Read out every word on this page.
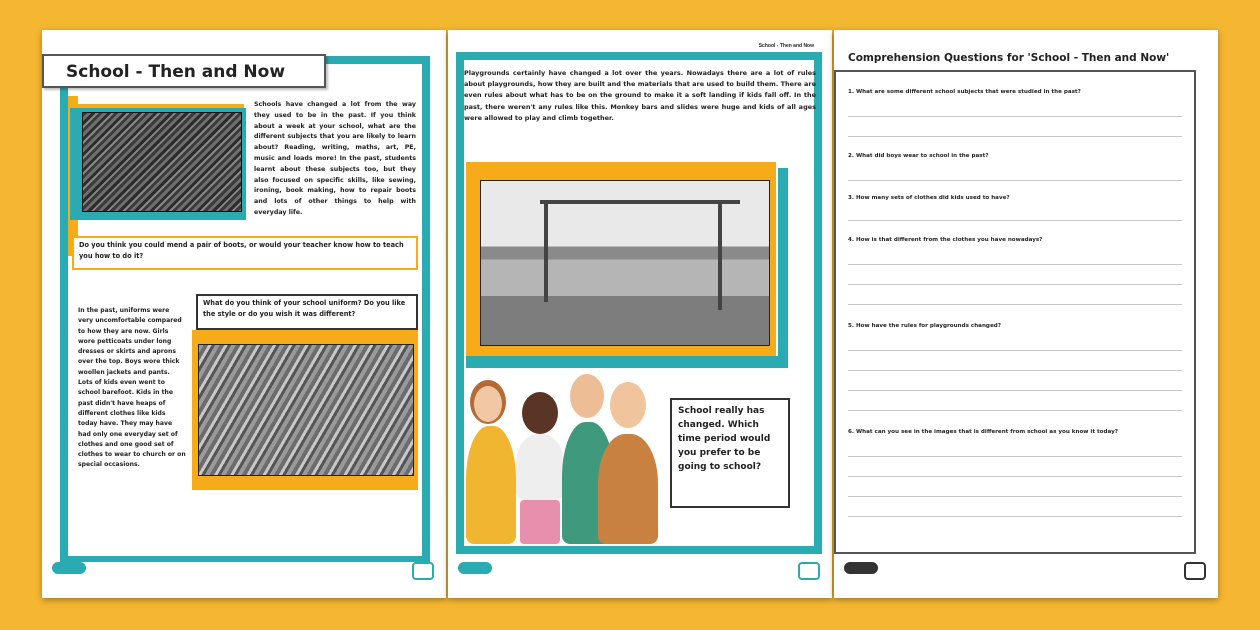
School - Then and Now
Schools have changed a lot from the way they used to be in the past. If you think about a week at your school, what are the different subjects that you are likely to learn about? Reading, writing, maths, art, PE, music and loads more! In the past, students learnt about these subjects too, but they also focused on specific skills, like sewing, ironing, book making, how to repair boots and lots of other things to help with everyday life.
Do you think you could mend a pair of boots, or would your teacher know how to teach you how to do it?
In the past, uniforms were very uncomfortable compared to how they are now. Girls wore petticoats under long dresses or skirts and aprons over the top. Boys wore thick woollen jackets and pants. Lots of kids even went to school barefoot. Kids in the past didn't have heaps of different clothes like kids today have. They may have had only one everyday set of clothes and one good set of clothes to wear to church or on special occasions.
What do you think of your school uniform? Do you like the style or do you wish it was different?
School - Then and Now
Playgrounds certainly have changed a lot over the years. Nowadays there are a lot of rules about playgrounds, how they are built and the materials that are used to build them. There are even rules about what has to be on the ground to make it a soft landing if kids fall off. In the past, there weren't any rules like this. Monkey bars and slides were huge and kids of all ages were allowed to play and climb together.
School really has changed. Which time period would you prefer to be going to school?
Comprehension Questions for 'School - Then and Now'
1. What are some different school subjects that were studied in the past?
2. What did boys wear to school in the past?
3. How many sets of clothes did kids used to have?
4. How is that different from the clothes you have nowadays?
5. How have the rules for playgrounds changed?
6. What can you see in the images that is different from school as you know it today?
